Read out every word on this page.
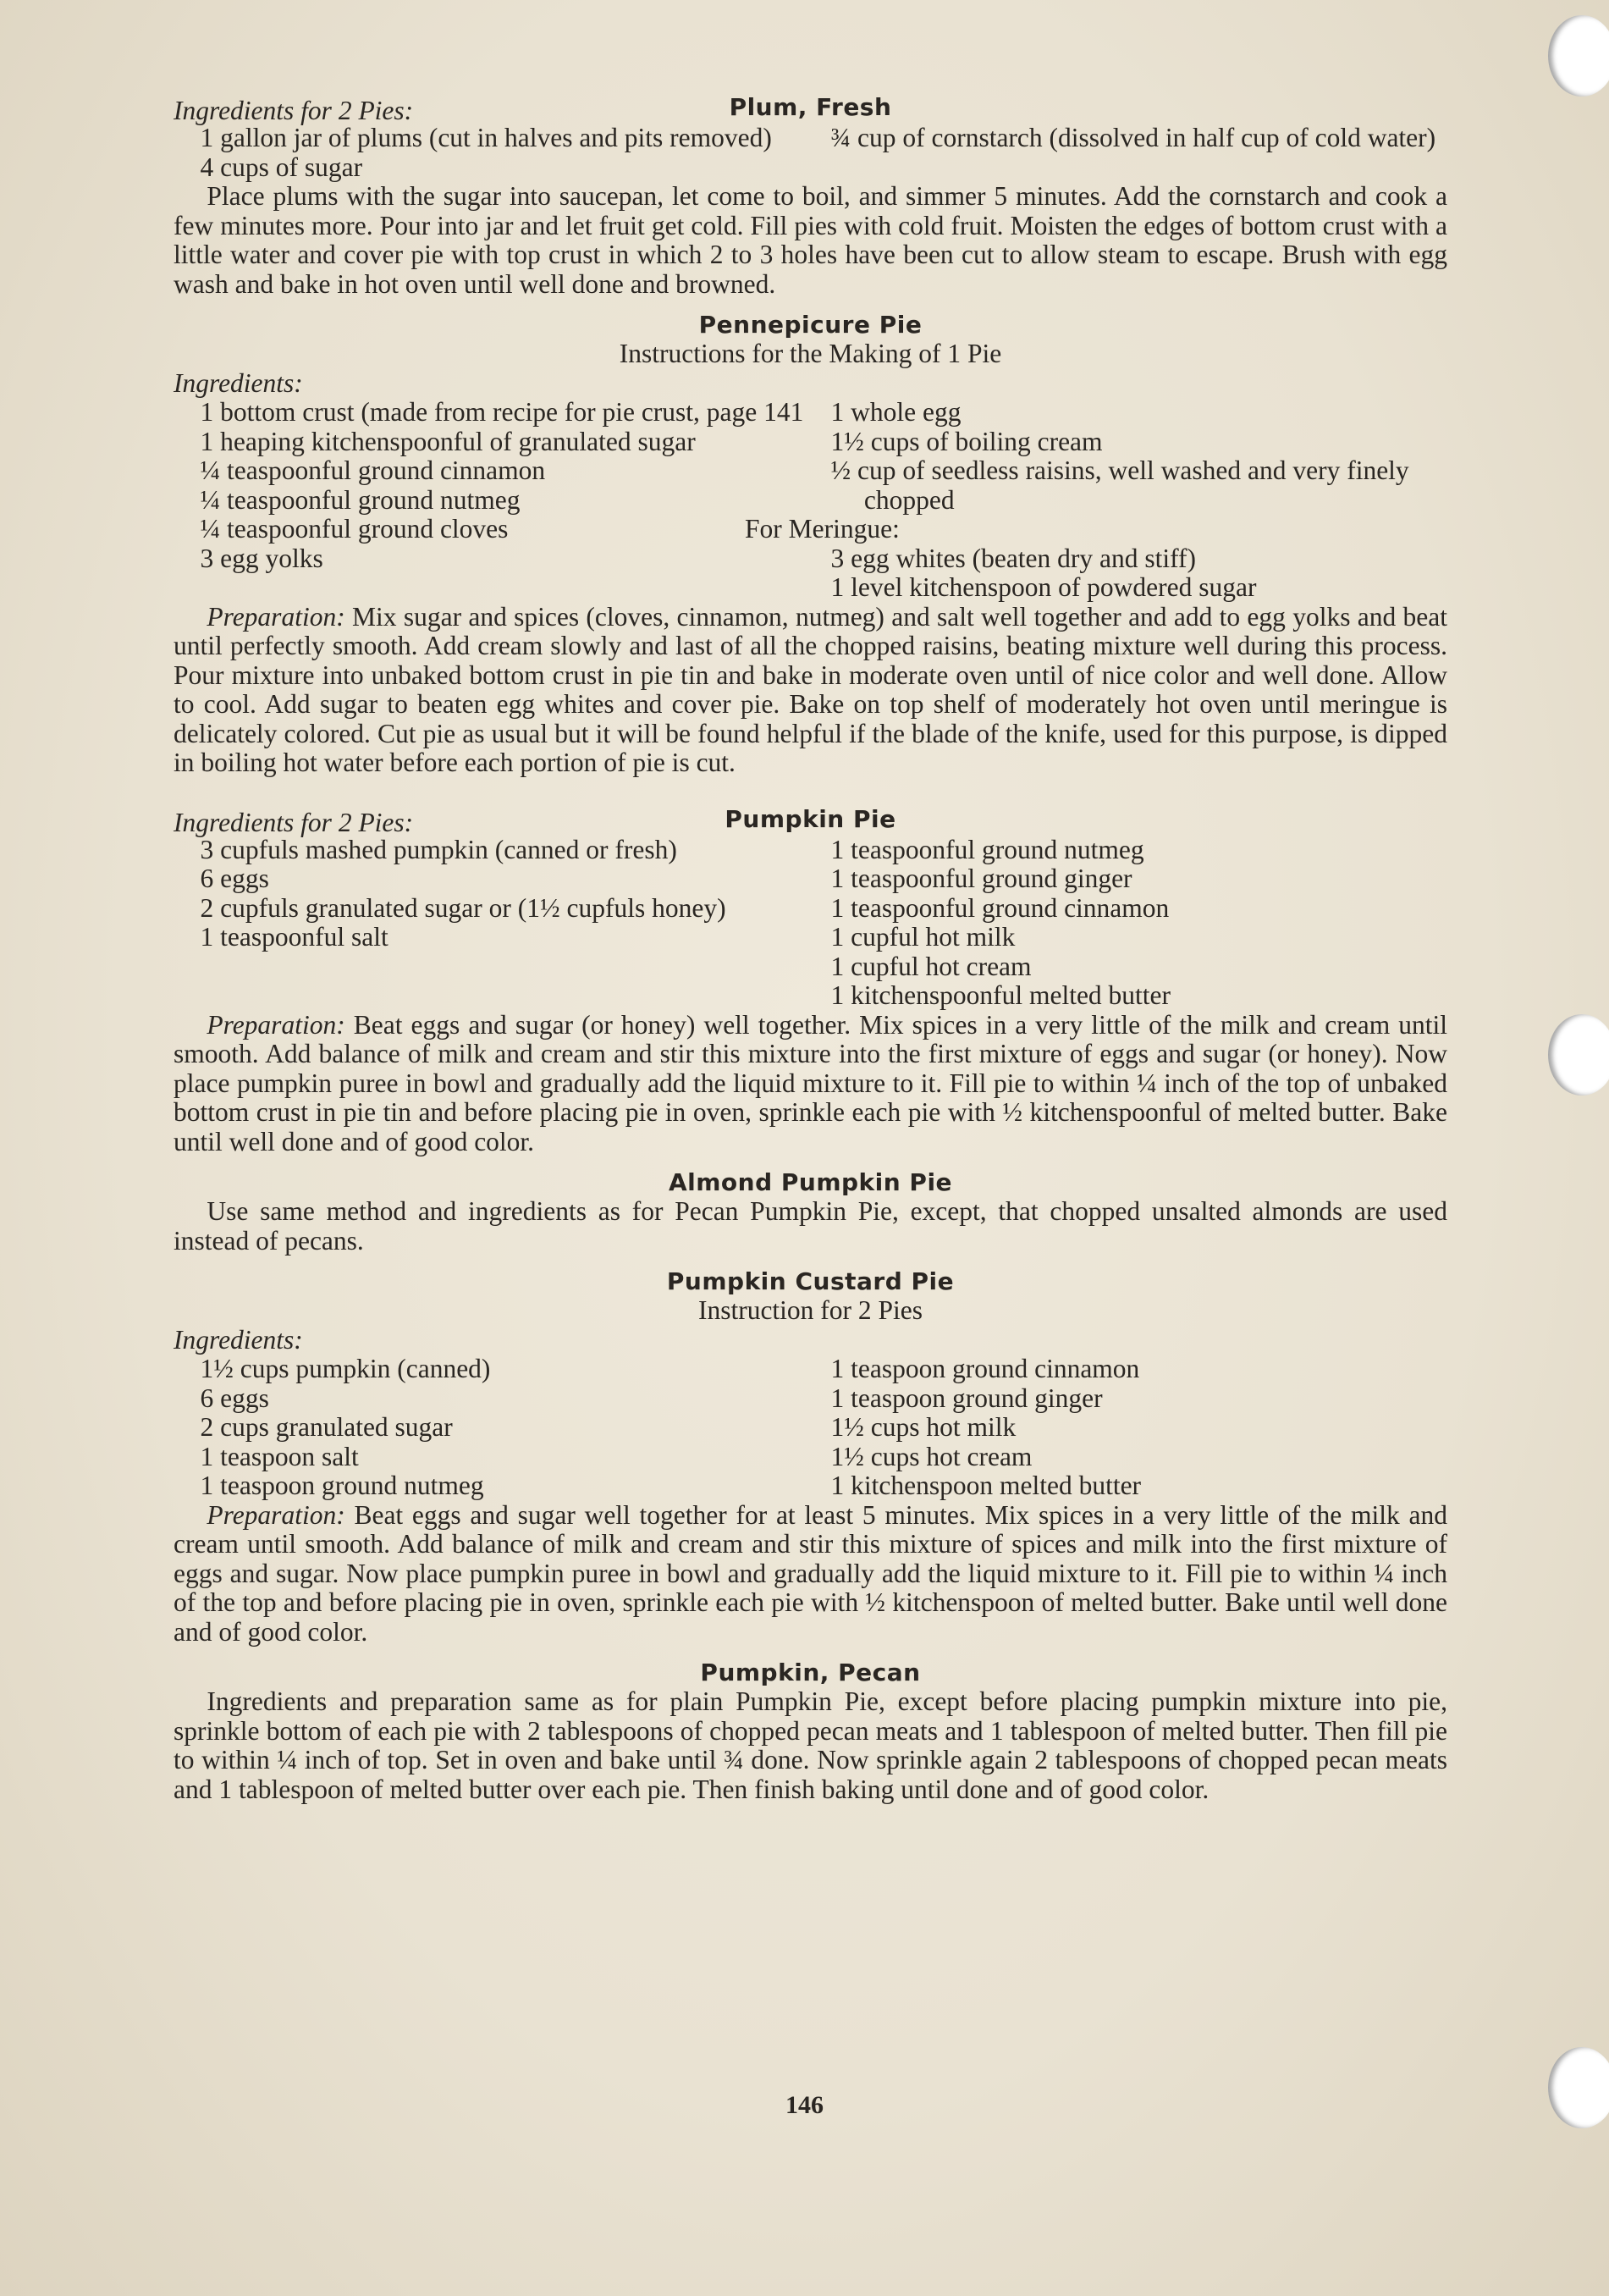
Ingredients for 2 Pies:	Plum, Fresh
1 gallon jar of plums (cut in halves and pits removed)
4 cups of sugar
¾ cup of cornstarch (dissolved in half cup of cold water)
Place plums with the sugar into saucepan, let come to boil, and simmer 5 minutes. Add the cornstarch and cook a few minutes more. Pour into jar and let fruit get cold. Fill pies with cold fruit. Moisten the edges of bottom crust with a little water and cover pie with top crust in which 2 to 3 holes have been cut to allow steam to escape. Brush with egg wash and bake in hot oven until well done and browned.
Pennepicure Pie
Instructions for the Making of 1 Pie
Ingredients:
1 bottom crust (made from recipe for pie crust, page 141
1 heaping kitchenspoonful of granulated sugar
¼ teaspoonful ground cinnamon
¼ teaspoonful ground nutmeg
¼ teaspoonful ground cloves
3 egg yolks
1 whole egg
1½ cups of boiling cream
½ cup of seedless raisins, well washed and very finely chopped
For Meringue:
3 egg whites (beaten dry and stiff)
1 level kitchenspoon of powdered sugar
Preparation: Mix sugar and spices (cloves, cinnamon, nutmeg) and salt well together and add to egg yolks and beat until perfectly smooth. Add cream slowly and last of all the chopped raisins, beating mixture well during this process. Pour mixture into unbaked bottom crust in pie tin and bake in moderate oven until of nice color and well done. Allow to cool. Add sugar to beaten egg whites and cover pie. Bake on top shelf of moderately hot oven until meringue is delicately colored. Cut pie as usual but it will be found helpful if the blade of the knife, used for this purpose, is dipped in boiling hot water before each portion of pie is cut.
Ingredients for 2 Pies:	Pumpkin Pie
3 cupfuls mashed pumpkin (canned or fresh)
6 eggs
2 cupfuls granulated sugar or (1½ cupfuls honey)
1 teaspoonful salt
1 teaspoonful ground nutmeg
1 teaspoonful ground ginger
1 teaspoonful ground cinnamon
1 cupful hot milk
1 cupful hot cream
1 kitchenspoonful melted butter
Preparation: Beat eggs and sugar (or honey) well together. Mix spices in a very little of the milk and cream until smooth. Add balance of milk and cream and stir this mixture into the first mixture of eggs and sugar (or honey). Now place pumpkin puree in bowl and gradually add the liquid mixture to it. Fill pie to within ¼ inch of the top of unbaked bottom crust in pie tin and before placing pie in oven, sprinkle each pie with ½ kitchenspoonful of melted butter. Bake until well done and of good color.
Almond Pumpkin Pie
Use same method and ingredients as for Pecan Pumpkin Pie, except, that chopped unsalted almonds are used instead of pecans.
Pumpkin Custard Pie
Instruction for 2 Pies
Ingredients:
1½ cups pumpkin (canned)
6 eggs
2 cups granulated sugar
1 teaspoon salt
1 teaspoon ground nutmeg
1 teaspoon ground cinnamon
1 teaspoon ground ginger
1½ cups hot milk
1½ cups hot cream
1 kitchenspoon melted butter
Preparation: Beat eggs and sugar well together for at least 5 minutes. Mix spices in a very little of the milk and cream until smooth. Add balance of milk and cream and stir this mixture of spices and milk into the first mixture of eggs and sugar. Now place pumpkin puree in bowl and gradually add the liquid mixture to it. Fill pie to within ¼ inch of the top and before placing pie in oven, sprinkle each pie with ½ kitchenspoon of melted butter. Bake until well done and of good color.
Pumpkin, Pecan
Ingredients and preparation same as for plain Pumpkin Pie, except before placing pumpkin mixture into pie, sprinkle bottom of each pie with 2 tablespoons of chopped pecan meats and 1 tablespoon of melted butter. Then fill pie to within ¼ inch of top. Set in oven and bake until ¾ done. Now sprinkle again 2 tablespoons of chopped pecan meats and 1 tablespoon of melted butter over each pie. Then finish baking until done and of good color.
146
